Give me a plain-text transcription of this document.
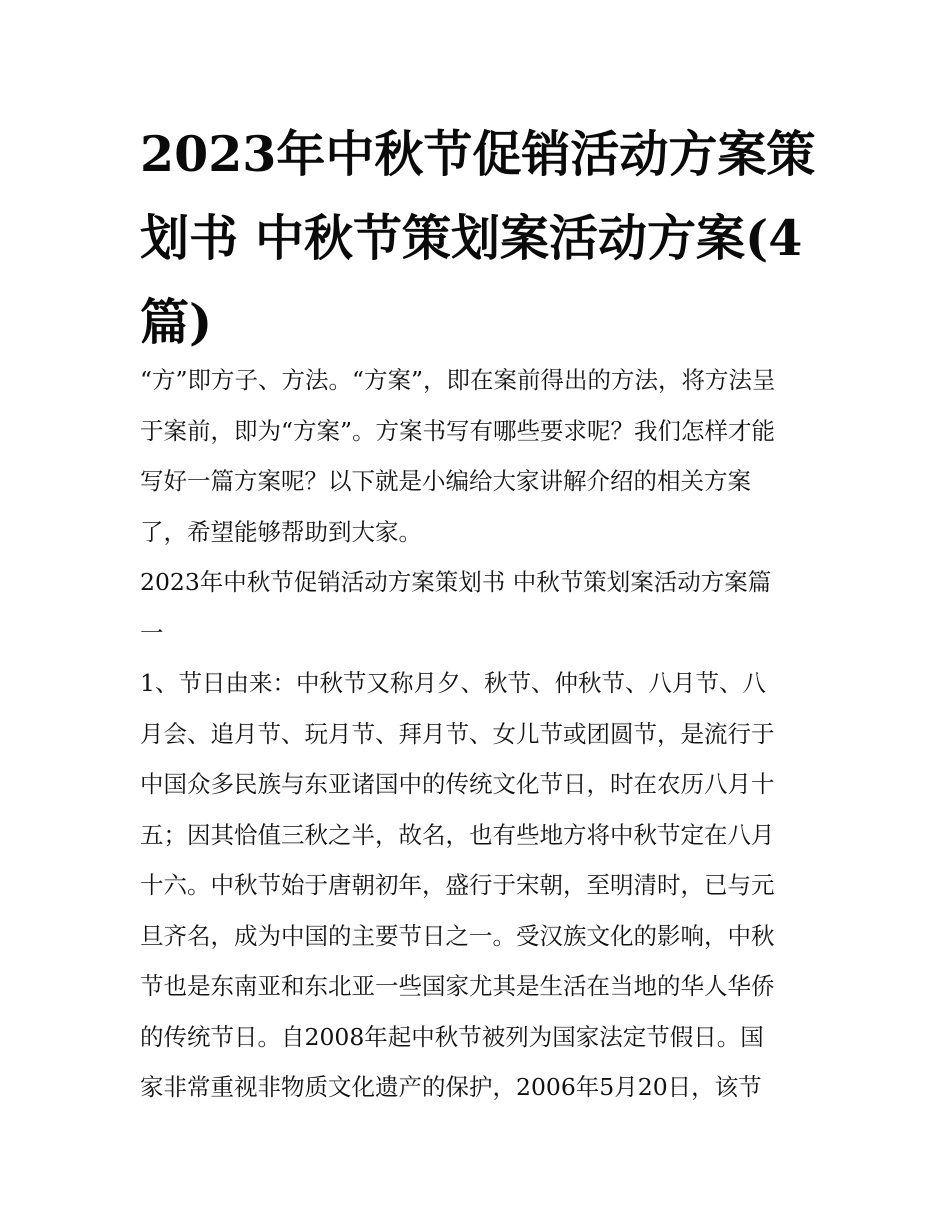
2023年中秋节促销活动方案策
划书 中秋节策划案活动方案(4
篇)

“方”即方子、方法。“方案”，即在案前得出的方法，将方法呈
于案前，即为“方案”。方案书写有哪些要求呢？我们怎样才能
写好一篇方案呢？以下就是小编给大家讲解介绍的相关方案
了，希望能够帮助到大家。

2023年中秋节促销活动方案策划书 中秋节策划案活动方案篇
一

1、节日由来：中秋节又称月夕、秋节、仲秋节、八月节、八
月会、追月节、玩月节、拜月节、女儿节或团圆节，是流行于
中国众多民族与东亚诸国中的传统文化节日，时在农历八月十
五；因其恰值三秋之半，故名，也有些地方将中秋节定在八月
十六。中秋节始于唐朝初年，盛行于宋朝，至明清时，已与元
旦齐名，成为中国的主要节日之一。受汉族文化的影响，中秋
节也是东南亚和东北亚一些国家尤其是生活在当地的华人华侨
的传统节日。自2008年起中秋节被列为国家法定节假日。国
家非常重视非物质文化遗产的保护，2006年5月20日，该节
